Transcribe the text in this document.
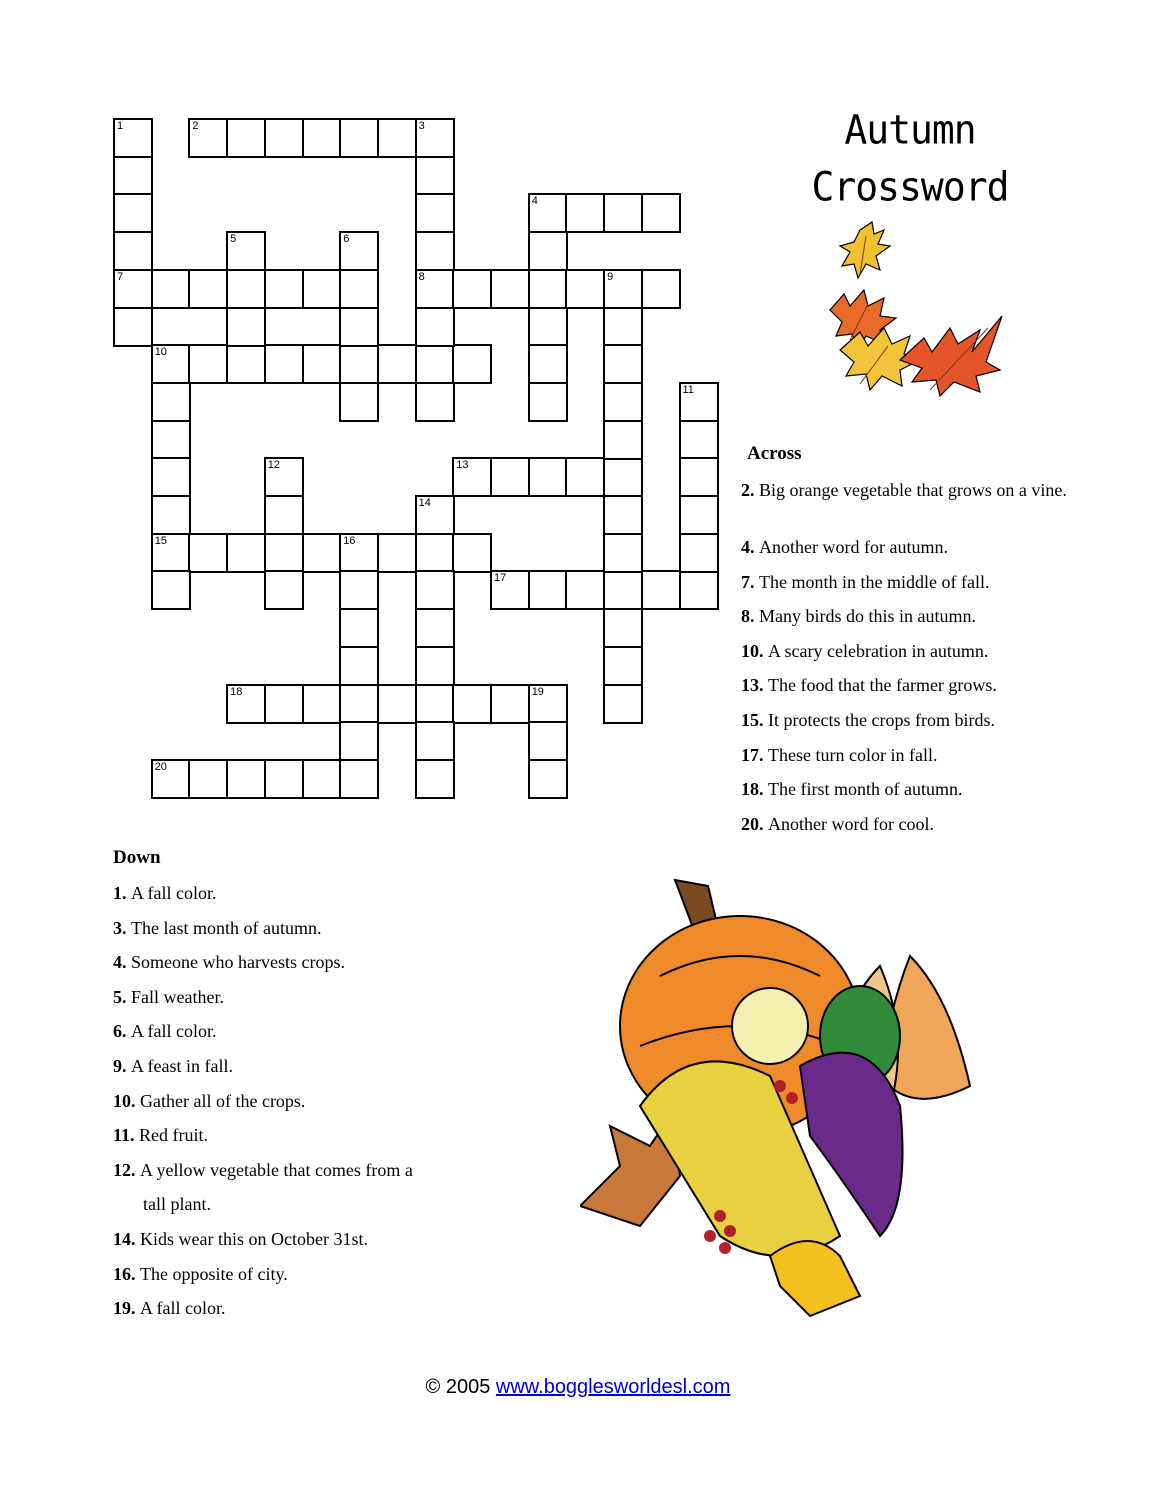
2	3
4
7	8	9
10
13
15	16
17
18	19
20
1
5	6
11
12
14
Autumn
Crossword
Across
2. Big orange vegetable that grows on a vine.
4. Another word for autumn.
7. The month in the middle of fall.
8. Many birds do this in autumn.
10. A scary celebration in autumn.
13. The food that the farmer grows.
15. It protects the crops from birds.
17. These turn color in fall.
18. The first month of autumn.
20. Another word for cool.
Down
1. A fall color.
3. The last month of autumn.
4. Someone who harvests crops.
5. Fall weather.
6. A fall color.
9. A feast in fall.
10. Gather all of the crops.
11. Red fruit.
12. A yellow vegetable that comes from a
tall plant.
14. Kids wear this on October 31st.
16. The opposite of city.
19. A fall color.
© 2005 www.bogglesworldesl.com
